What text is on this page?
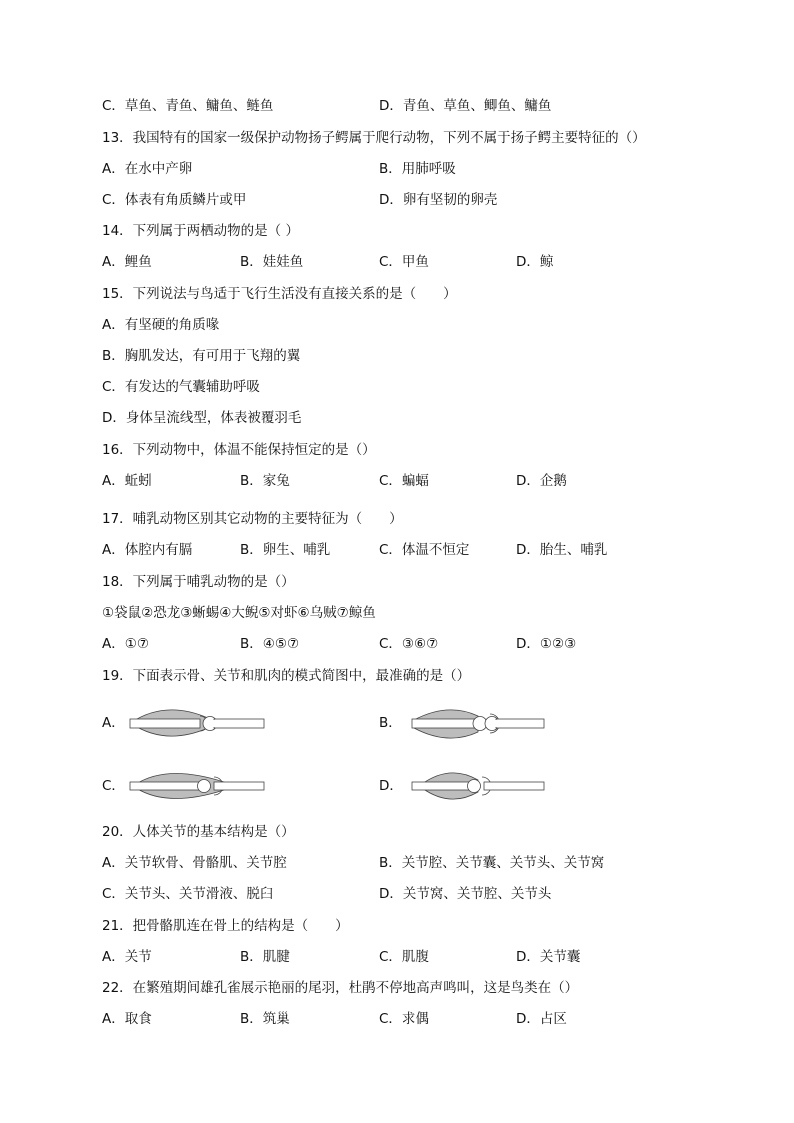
C．草鱼、青鱼、鳙鱼、鲢鱼	D．青鱼、草鱼、鲫鱼、鳙鱼
13．我国特有的国家一级保护动物扬子鳄属于爬行动物，下列不属于扬子鳄主要特征的（）
A．在水中产卵	B．用肺呼吸
C．体表有角质鳞片或甲	D．卵有坚韧的卵壳
14．下列属于两栖动物的是（ ）
A．鲤鱼	B．娃娃鱼	C．甲鱼	D．鲸
15．下列说法与鸟适于飞行生活没有直接关系的是（　　）
A．有坚硬的角质喙
B．胸肌发达，有可用于飞翔的翼
C．有发达的气囊辅助呼吸
D．身体呈流线型，体表被覆羽毛
16．下列动物中，体温不能保持恒定的是（）
A．蚯蚓	B．家兔	C．蝙蝠	D．企鹅
17．哺乳动物区别其它动物的主要特征为（　　）
A．体腔内有膈	B．卵生、哺乳	C．体温不恒定	D．胎生、哺乳
18．下列属于哺乳动物的是（）
①袋鼠②恐龙③蜥蜴④大鲵⑤对虾⑥乌贼⑦鲸鱼
A．①⑦	B．④⑤⑦	C．③⑥⑦	D．①②③
19．下面表示骨、关节和肌肉的模式简图中，最准确的是（）
A．	B．
C．	D．
20．人体关节的基本结构是（）
A．关节软骨、骨骼肌、关节腔	B．关节腔、关节囊、关节头、关节窝
C．关节头、关节滑液、脱臼	D．关节窝、关节腔、关节头
21．把骨骼肌连在骨上的结构是（　　）
A．关节	B．肌腱	C．肌腹	D．关节囊
22．在繁殖期间雄孔雀展示艳丽的尾羽，杜鹃不停地高声鸣叫，这是鸟类在（）
A．取食	B．筑巢	C．求偶	D．占区
